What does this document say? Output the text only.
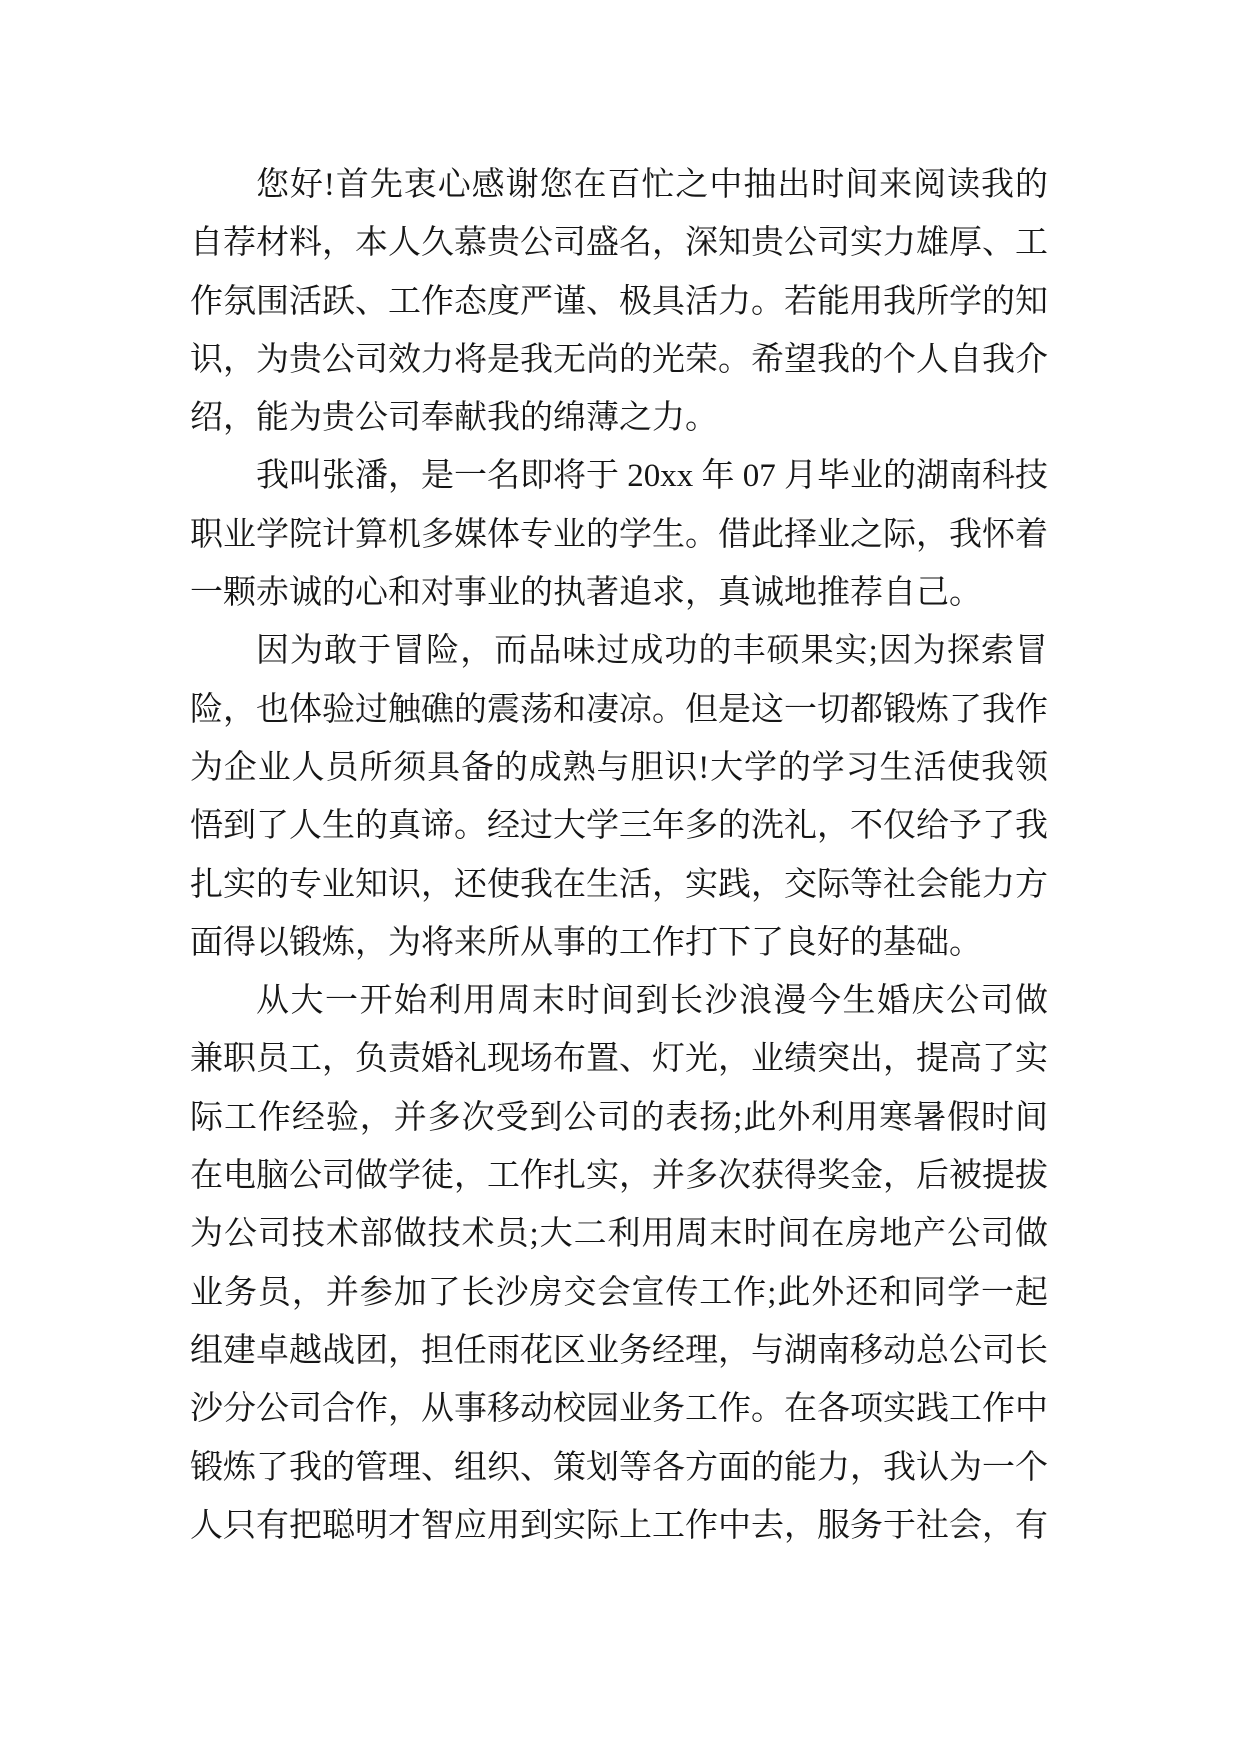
您好!首先衷心感谢您在百忙之中抽出时间来阅读我的
自荐材料，本人久慕贵公司盛名，深知贵公司实力雄厚、工
作氛围活跃、工作态度严谨、极具活力。若能用我所学的知
识，为贵公司效力将是我无尚的光荣。希望我的个人自我介
绍，能为贵公司奉献我的绵薄之力。
我叫张潘，是一名即将于 20xx 年 07 月毕业的湖南科技
职业学院计算机多媒体专业的学生。借此择业之际，我怀着
一颗赤诚的心和对事业的执著追求，真诚地推荐自己。
因为敢于冒险，而品味过成功的丰硕果实;因为探索冒
险，也体验过触礁的震荡和凄凉。但是这一切都锻炼了我作
为企业人员所须具备的成熟与胆识!大学的学习生活使我领
悟到了人生的真谛。经过大学三年多的洗礼，不仅给予了我
扎实的专业知识，还使我在生活，实践，交际等社会能力方
面得以锻炼，为将来所从事的工作打下了良好的基础。
从大一开始利用周末时间到长沙浪漫今生婚庆公司做
兼职员工，负责婚礼现场布置、灯光，业绩突出，提高了实
际工作经验，并多次受到公司的表扬;此外利用寒暑假时间
在电脑公司做学徒，工作扎实，并多次获得奖金，后被提拔
为公司技术部做技术员;大二利用周末时间在房地产公司做
业务员，并参加了长沙房交会宣传工作;此外还和同学一起
组建卓越战团，担任雨花区业务经理，与湖南移动总公司长
沙分公司合作，从事移动校园业务工作。在各项实践工作中
锻炼了我的管理、组织、策划等各方面的能力，我认为一个
人只有把聪明才智应用到实际上工作中去，服务于社会，有
